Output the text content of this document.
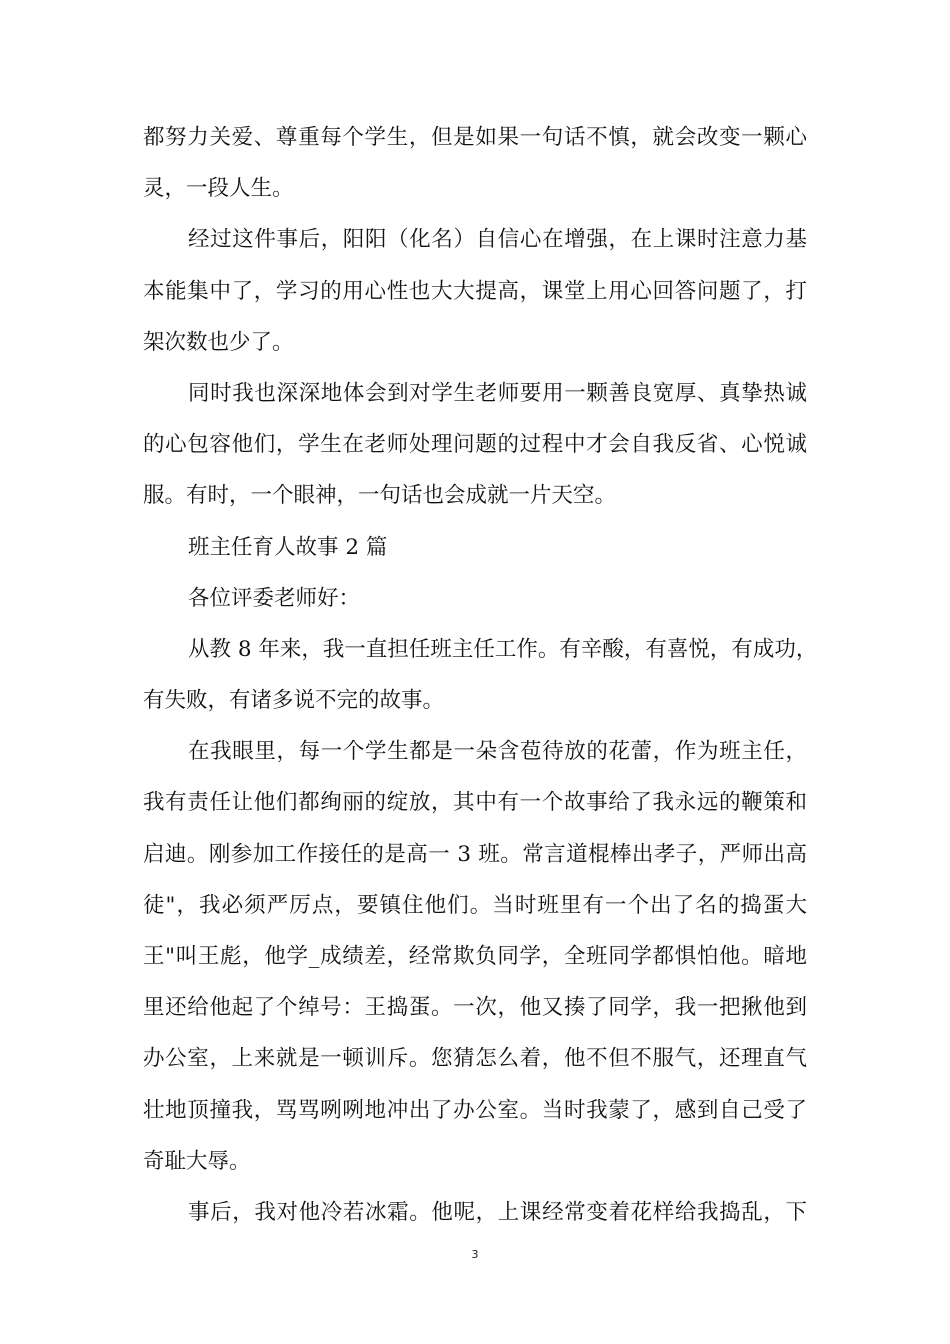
都努力关爱、尊重每个学生，但是如果一句话不慎，就会改变一颗心
灵，一段人生。
经过这件事后，阳阳（化名）自信心在增强，在上课时注意力基
本能集中了，学习的用心性也大大提高，课堂上用心回答问题了，打
架次数也少了。
同时我也深深地体会到对学生老师要用一颗善良宽厚、真挚热诚
的心包容他们，学生在老师处理问题的过程中才会自我反省、心悦诚
服。有时，一个眼神，一句话也会成就一片天空。
班主任育人故事 2 篇
各位评委老师好：
从教 8 年来，我一直担任班主任工作。有辛酸，有喜悦，有成功，
有失败，有诸多说不完的故事。
在我眼里，每一个学生都是一朵含苞待放的花蕾，作为班主任，
我有责任让他们都绚丽的绽放，其中有一个故事给了我永远的鞭策和
启迪。刚参加工作接任的是高一 3 班。常言道棍棒出孝子，严师出高
徒"，我必须严厉点，要镇住他们。当时班里有一个出了名的捣蛋大
王"叫王彪，他学_成绩差，经常欺负同学，全班同学都惧怕他。暗地
里还给他起了个绰号：王捣蛋。一次，他又揍了同学，我一把揪他到
办公室，上来就是一顿训斥。您猜怎么着，他不但不服气，还理直气
壮地顶撞我，骂骂咧咧地冲出了办公室。当时我蒙了，感到自己受了
奇耻大辱。
事后，我对他冷若冰霜。他呢，上课经常变着花样给我捣乱，下
3
